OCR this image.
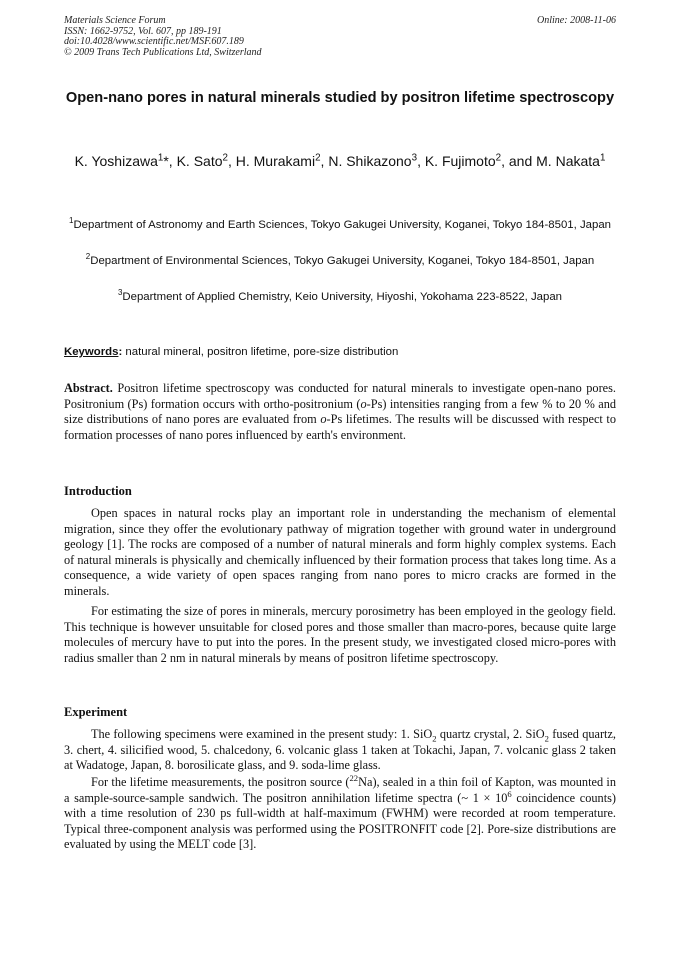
Materials Science Forum
ISSN: 1662-9752, Vol. 607, pp 189-191
doi:10.4028/www.scientific.net/MSF.607.189
© 2009 Trans Tech Publications Ltd, Switzerland
Online: 2008-11-06
Open-nano pores in natural minerals studied by positron lifetime spectroscopy
K. Yoshizawa$^1$*, K. Sato$^2$, H. Murakami$^2$, N. Shikazono$^3$, K. Fujimoto$^2$, and M. Nakata$^1$
$^1$Department of Astronomy and Earth Sciences, Tokyo Gakugei University, Koganei, Tokyo 184-8501, Japan
$^2$Department of Environmental Sciences, Tokyo Gakugei University, Koganei, Tokyo 184-8501, Japan
$^3$Department of Applied Chemistry, Keio University, Hiyoshi, Yokohama 223-8522, Japan
Keywords: natural mineral, positron lifetime, pore-size distribution
Abstract. Positron lifetime spectroscopy was conducted for natural minerals to investigate open-nano pores. Positronium (Ps) formation occurs with ortho-positronium (o-Ps) intensities ranging from a few % to 20 % and size distributions of nano pores are evaluated from o-Ps lifetimes. The results will be discussed with respect to formation processes of nano pores influenced by earth's environment.
Introduction
Open spaces in natural rocks play an important role in understanding the mechanism of elemental migration, since they offer the evolutionary pathway of migration together with ground water in underground geology [1]. The rocks are composed of a number of natural minerals and form highly complex systems. Each of natural minerals is physically and chemically influenced by their formation process that takes long time. As a consequence, a wide variety of open spaces ranging from nano pores to micro cracks are formed in the minerals.
For estimating the size of pores in minerals, mercury porosimetry has been employed in the geology field. This technique is however unsuitable for closed pores and those smaller than macro-pores, because quite large molecules of mercury have to put into the pores. In the present study, we investigated closed micro-pores with radius smaller than 2 nm in natural minerals by means of positron lifetime spectroscopy.
Experiment
The following specimens were examined in the present study: 1. SiO$_2$ quartz crystal, 2. SiO$_2$ fused quartz, 3. chert, 4. silicified wood, 5. chalcedony, 6. volcanic glass 1 taken at Tokachi, Japan, 7. volcanic glass 2 taken at Wadatoge, Japan, 8. borosilicate glass, and 9. soda-lime glass.
For the lifetime measurements, the positron source ($^{22}$Na), sealed in a thin foil of Kapton, was mounted in a sample-source-sample sandwich. The positron annihilation lifetime spectra (~ $1 \times 10^6$ coincidence counts) with a time resolution of 230 ps full-width at half-maximum (FWHM) were recorded at room temperature. Typical three-component analysis was performed using the POSITRONFIT code [2]. Pore-size distributions are evaluated by using the MELT code [3].
